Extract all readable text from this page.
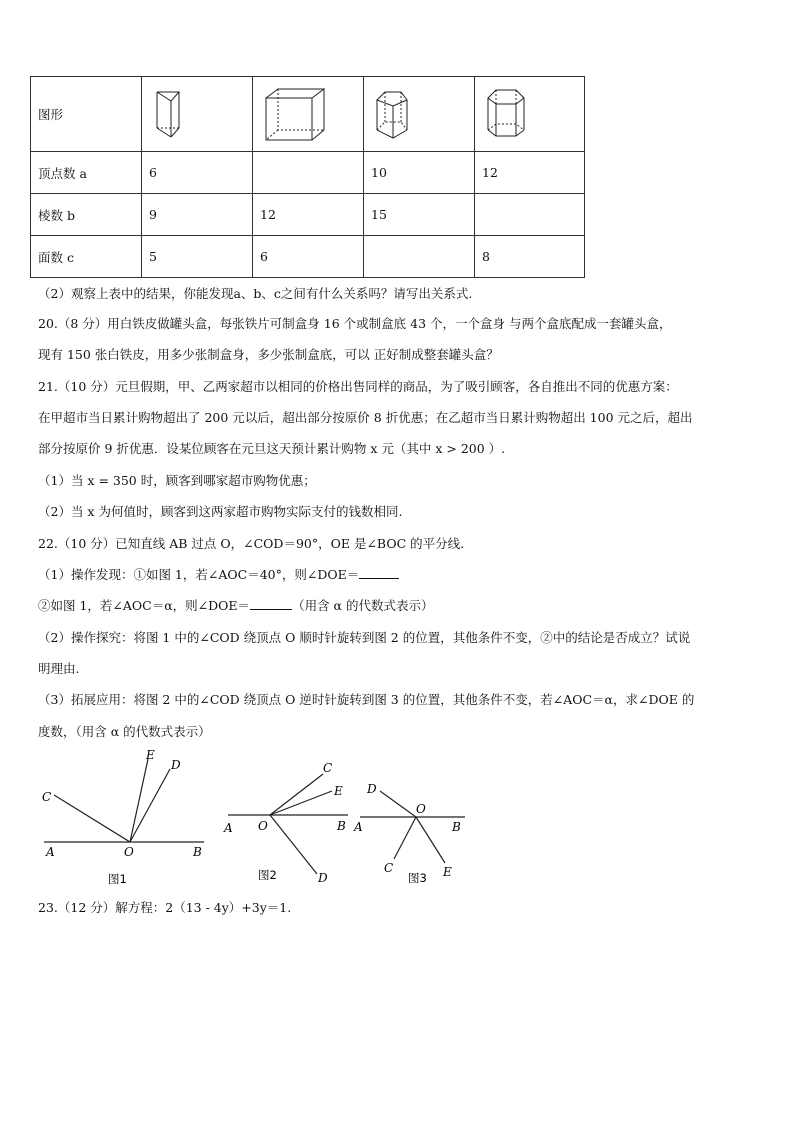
图形	

顶点数 a	6		10	12
棱数 b	9	12	15	
面数 c	5	6		8
（2）观察上表中的结果，你能发现a、b、c之间有什么关系吗？请写出关系式.
20.（8 分）用白铁皮做罐头盒，每张铁片可制盒身 16 个或制盒底 43 个，一个盒身 与两个盒底配成一套罐头盒，
现有 150 张白铁皮，用多少张制盒身，多少张制盒底，可以 正好制成整套罐头盒？
21.（10 分）元旦假期，甲、乙两家超市以相同的价格出售同样的商品，为了吸引顾客，各自推出不同的优惠方案：
在甲超市当日累计购物超出了 200 元以后，超出部分按原价 8 折优惠；在乙超市当日累计购物超出 100 元之后，超出
部分按原价 9 折优惠．设某位顾客在元旦这天预计累计购物 x 元（其中 x > 200 ）.
（1）当 x = 350 时，顾客到哪家超市购物优惠；
（2）当 x 为何值时，顾客到这两家超市购物实际支付的钱数相同.
22.（10 分）已知直线 AB 过点 O，∠COD＝90°，OE 是∠BOC 的平分线.
（1）操作发现：①如图 1，若∠AOC＝40°，则∠DOE＝
②如图 1，若∠AOC＝α，则∠DOE＝	（用含 α 的代数式表示）
（2）操作探究：将图 1 中的∠COD 绕顶点 O 顺时针旋转到图 2 的位置，其他条件不变，②中的结论是否成立？试说
明理由.
（3）拓展应用：将图 2 中的∠COD 绕顶点 O 逆时针旋转到图 3 的位置，其他条件不变，若∠AOC＝α，求∠DOE 的
度数，（用含 α 的代数式表示）
A	O	B
C
E
D
图1
A O	B
C
E
D
图2
A
O
B
D
C	E
图3
23.（12 分）解方程：2（13 - 4y）+3y＝1.
